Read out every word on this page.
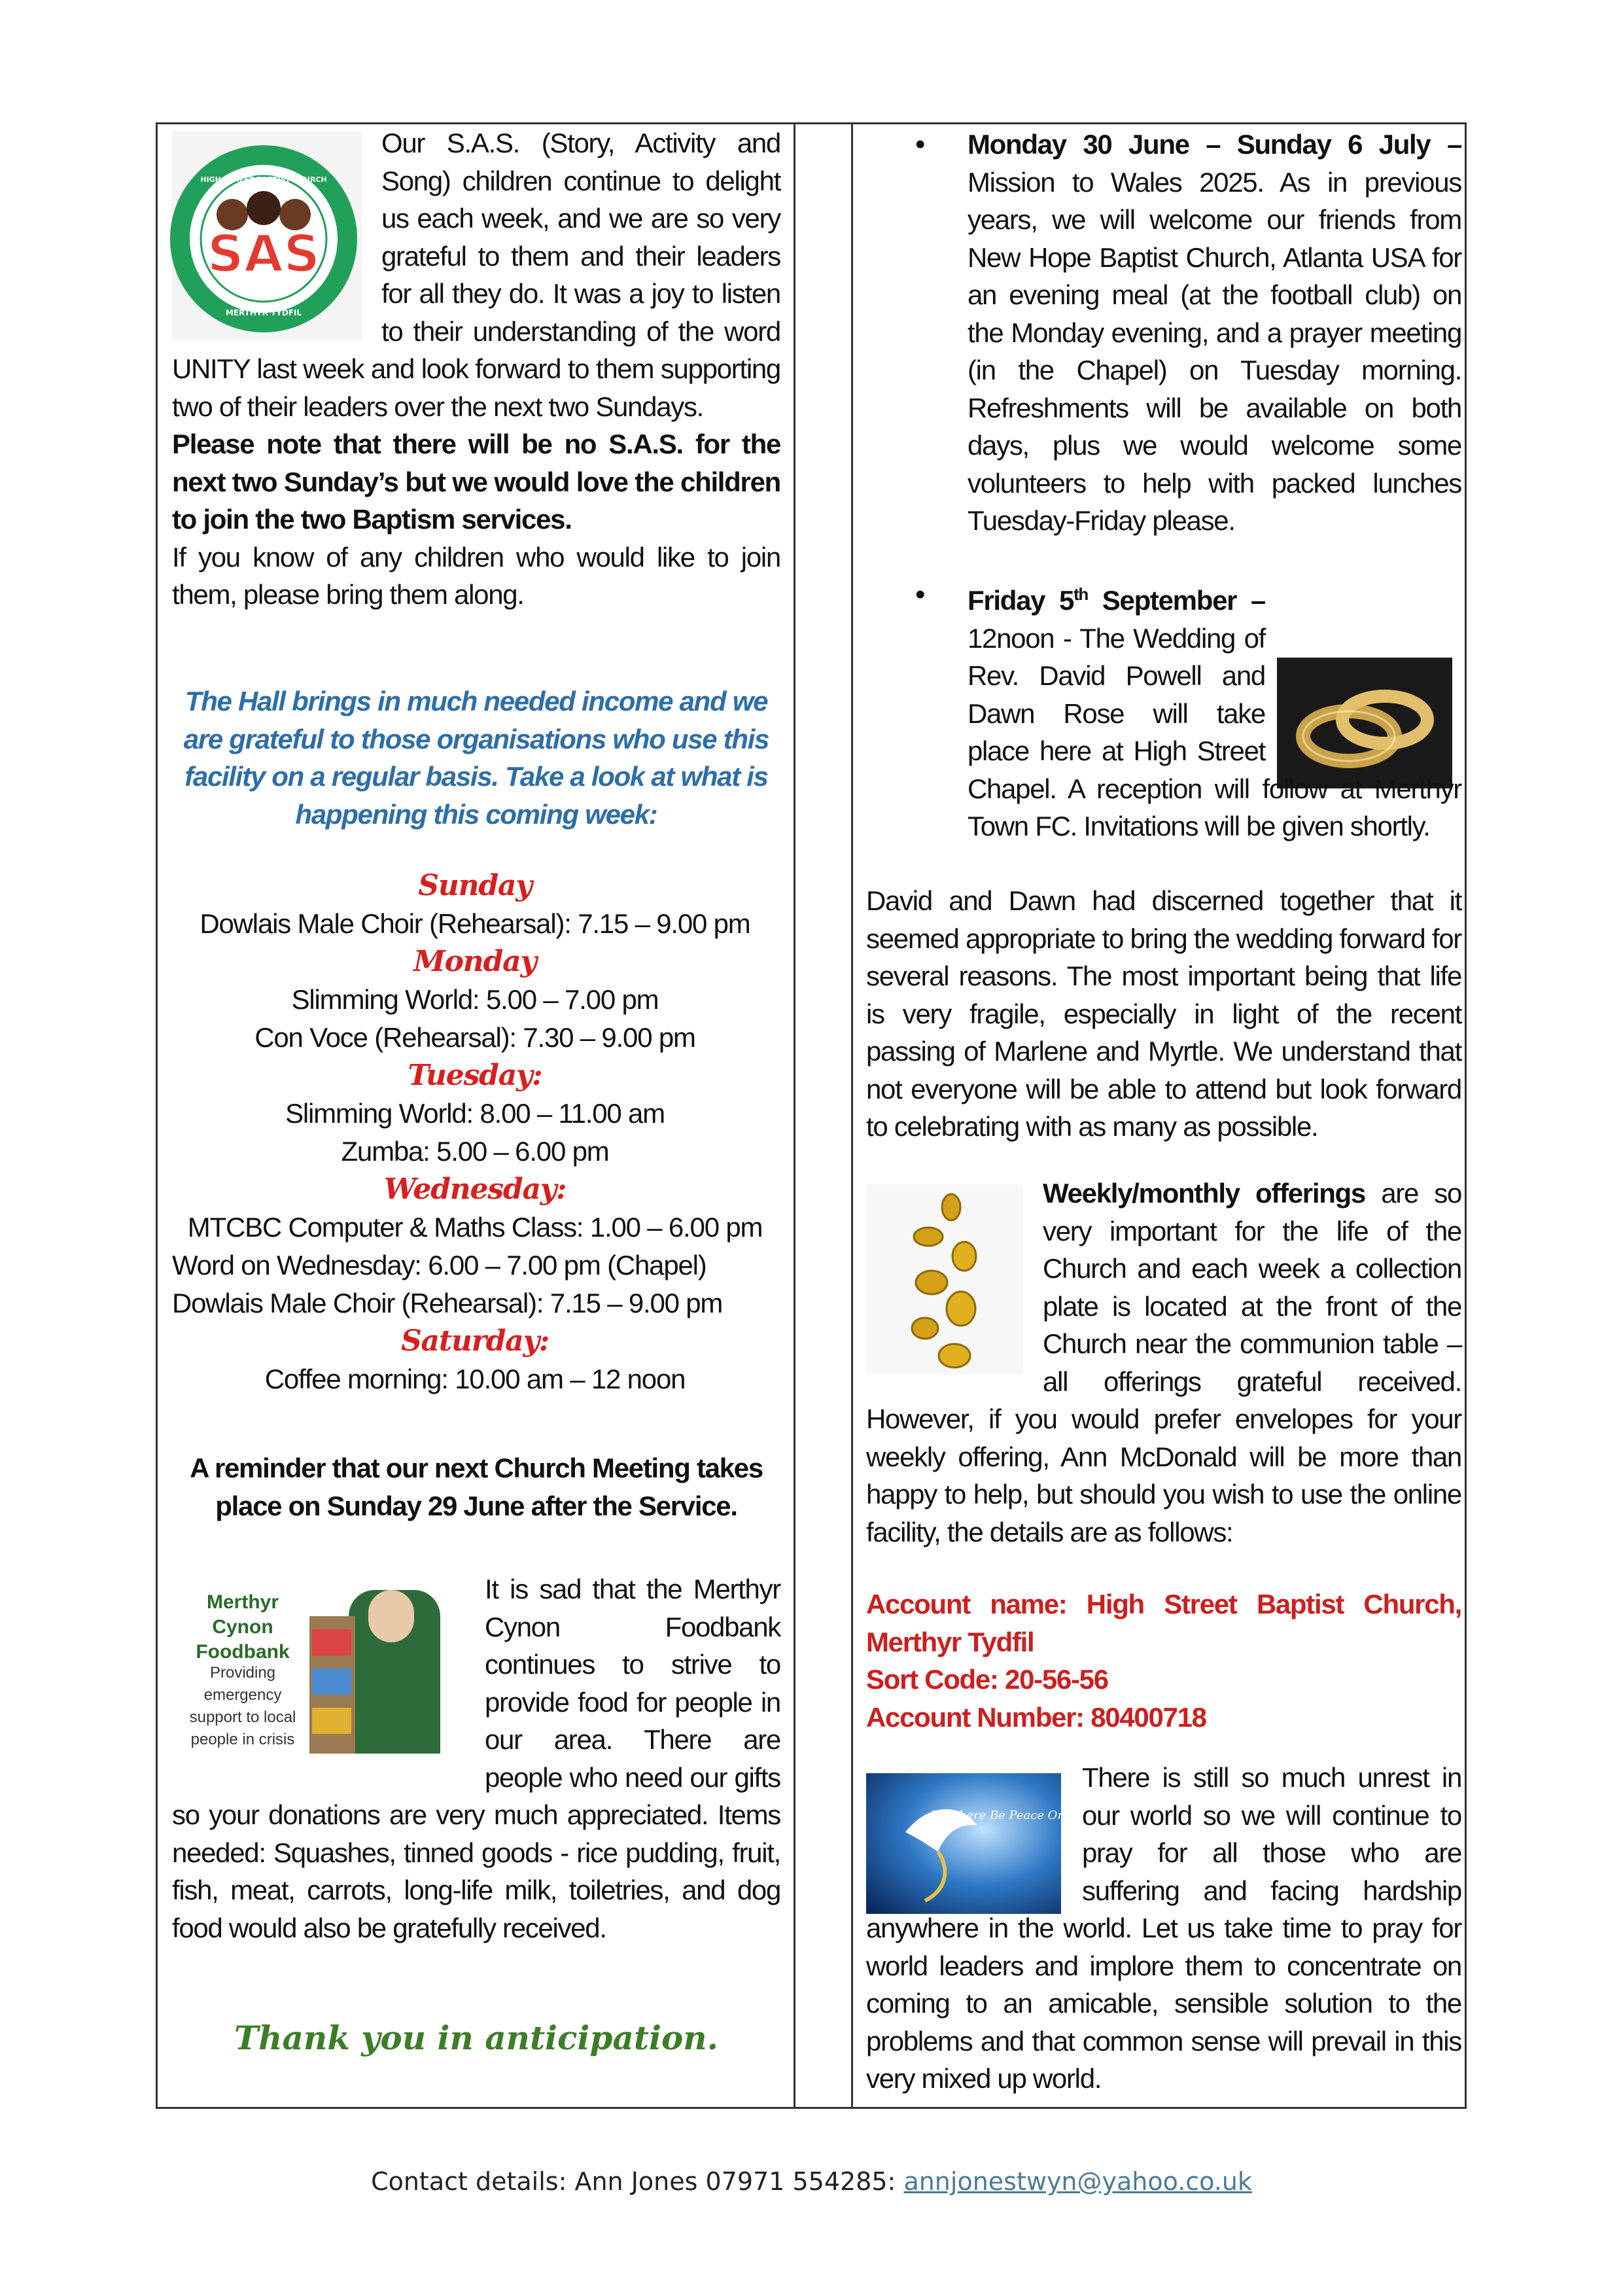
HIGH STREET BAPTIST CHURCH
MERTHYR TYDFIL
SAS

Our S.A.S. (Story, Activity and Song) children continue to delight us each week, and we are so very grateful to them and their leaders for all they do. It was a joy to listen to their understanding of the word UNITY last week and look forward to them supporting two of their leaders over the next two Sundays.

Please note that there will be no S.A.S. for the next two Sunday’s but we would love the children to join the two Baptism services.

If you know of any children who would like to join them, please bring them along.

The Hall brings in much needed income and we are grateful to those organisations who use this facility on a regular basis. Take a look at what is happening this coming week:
Sunday
Dowlais Male Choir (Rehearsal): 7.15 – 9.00 pm
Monday
Slimming World: 5.00 – 7.00 pm
Con Voce (Rehearsal): 7.30 – 9.00 pm
Tuesday:
Slimming World: 8.00 – 11.00 am
Zumba: 5.00 – 6.00 pm
Wednesday:
MTCBC Computer & Maths Class: 1.00 – 6.00 pm
Word on Wednesday: 6.00 – 7.00 pm (Chapel)
Dowlais Male Choir (Rehearsal): 7.15 – 9.00 pm
Saturday:
Coffee morning: 10.00 am – 12 noon
A reminder that our next Church Meeting takes place on Sunday 29 June after the Service.
Merthyr Cynon Foodbank
Providing emergency support to local people in crisis

It is sad that the Merthyr Cynon Foodbank continues to strive to provide food for people in our area. There are people who need our gifts so your donations are very much appreciated. Items needed: Squashes, tinned goods - rice pudding, fruit, fish, meat, carrots, long-life milk, toiletries, and dog food would also be gratefully received.

Thank you in anticipation.
• Monday 30 June – Sunday 6 July – Mission to Wales 2025. As in previous years, we will welcome our friends from New Hope Baptist Church, Atlanta USA for an evening meal (at the football club) on the Monday evening, and a prayer meeting (in the Chapel) on Tuesday morning. Refreshments will be available on both days, plus we would welcome some volunteers to help with packed lunches Tuesday-Friday please.
• Friday 5th September – 12noon - The Wedding of Rev. David Powell and Dawn Rose will take place here at High Street Chapel. A reception will follow at Merthyr Town FC. Invitations will be given shortly.
David and Dawn had discerned together that it seemed appropriate to bring the wedding forward for several reasons. The most important being that life is very fragile, especially in light of the recent passing of Marlene and Myrtle. We understand that not everyone will be able to attend but look forward to celebrating with as many as possible.
Weekly/monthly offerings are so very important for the life of the Church and each week a collection plate is located at the front of the Church near the communion table – all offerings grateful received. However, if you would prefer envelopes for your weekly offering, Ann McDonald will be more than happy to help, but should you wish to use the online facility, the details are as follows:
Account name: High Street Baptist Church, Merthyr Tydfil
Sort Code: 20-56-56
Account Number: 80400718
Let there Be Peace On Earth

There is still so much unrest in our world so we will continue to pray for all those who are suffering and facing hardship anywhere in the world. Let us take time to pray for world leaders and implore them to concentrate on coming to an amicable, sensible solution to the problems and that common sense will prevail in this very mixed up world.

Contact details: Ann Jones 07971 554285: annjonestwyn@yahoo.co.uk
